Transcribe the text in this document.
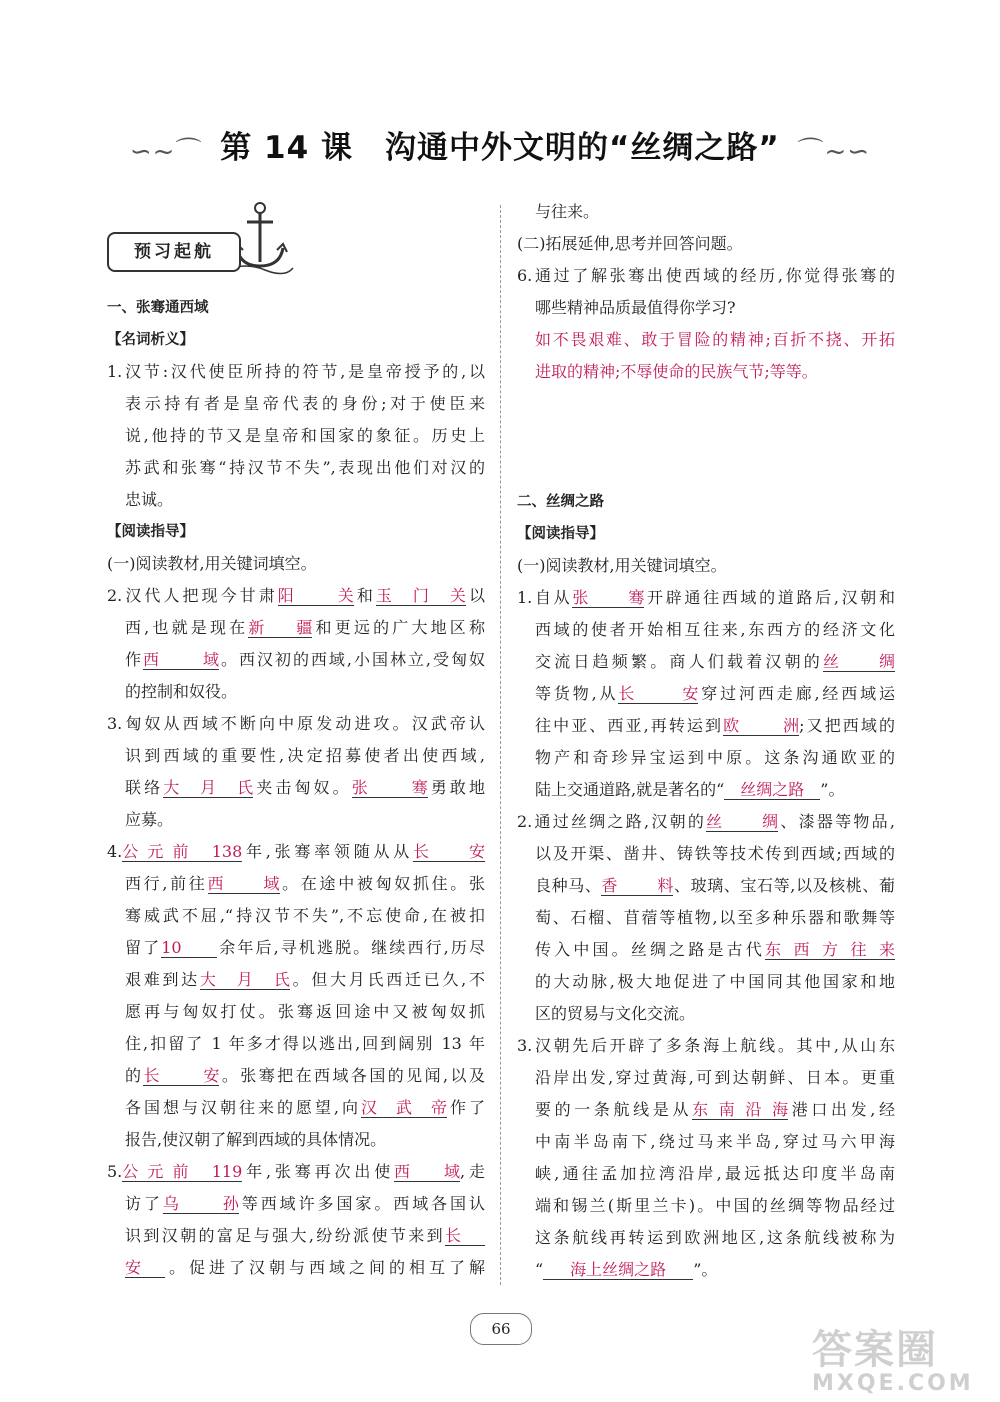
∽~⌒ 第 14 课　沟通中外文明的“丝绸之路” ⌒~∽
预习起航
一、张骞通西域
【名词析义】
1.汉节:汉代使臣所持的符节,是皇帝授予的,以
表示持有者是皇帝代表的身份;对于使臣来
说,他持的节又是皇帝和国家的象征。历史上
苏武和张骞“持汉节不失”,表现出他们对汉的
忠诚。
【阅读指导】
(一)阅读教材,用关键词填空。
2.汉代人把现今甘肃阳关和玉门关以
西,也就是现在新疆和更远的广大地区称
作西域。西汉初的西域,小国林立,受匈奴
的控制和奴役。
3.匈奴从西域不断向中原发动进攻。汉武帝认
识到西域的重要性,决定招募使者出使西域,
联络大月氏夹击匈奴。张骞勇敢地
应募。
4.公元前 138年,张骞率领随从从长安
西行,前往西域。在途中被匈奴抓住。张
骞威武不屈,“持汉节不失”,不忘使命,在被扣
留了10 余年后,寻机逃脱。继续西行,历尽
艰难到达大月氏。但大月氏西迁已久,不
愿再与匈奴打仗。张骞返回途中又被匈奴抓
住,扣留了 1 年多才得以逃出,回到阔别 13 年
的长安。张骞把在西域各国的见闻,以及
各国想与汉朝往来的愿望,向汉武帝作了
报告,使汉朝了解到西域的具体情况。
5.公元前 119年,张骞再次出使西域,走
访了乌孙等西域许多国家。西域各国认
识到汉朝的富足与强大,纷纷派使节来到长
安 。促进了汉朝与西域之间的相互了解
与往来。
(二)拓展延伸,思考并回答问题。
6.通过了解张骞出使西域的经历,你觉得张骞的
哪些精神品质最值得你学习?
如不畏艰难、敢于冒险的精神;百折不挠、开拓
进取的精神;不辱使命的民族气节;等等。
二、丝绸之路
【阅读指导】
(一)阅读教材,用关键词填空。
1.自从张骞开辟通往西域的道路后,汉朝和
西域的使者开始相互往来,东西方的经济文化
交流日趋频繁。商人们载着汉朝的丝绸
等货物,从长安穿过河西走廊,经西域运
往中亚、西亚,再转运到欧洲;又把西域的
物产和奇珍异宝运到中原。这条沟通欧亚的
陆上交通道路,就是著名的“ 丝绸之路 ”。
2.通过丝绸之路,汉朝的丝绸、漆器等物品,
以及开渠、凿井、铸铁等技术传到西域;西域的
良种马、香料、玻璃、宝石等,以及核桃、葡
萄、石榴、苜蓿等植物,以至多种乐器和歌舞等
传入中国。丝绸之路是古代东西方往来
的大动脉,极大地促进了中国同其他国家和地
区的贸易与文化交流。
3.汉朝先后开辟了多条海上航线。其中,从山东
沿岸出发,穿过黄海,可到达朝鲜、日本。更重
要的一条航线是从东南沿海港口出发,经
中南半岛南下,绕过马来半岛,穿过马六甲海
峡,通往孟加拉湾沿岸,最远抵达印度半岛南
端和锡兰(斯里兰卡)。中国的丝绸等物品经过
这条航线再转运到欧洲地区,这条航线被称为
“ 海上丝绸之路 ”。
66	答案圈
MXQE.COM
